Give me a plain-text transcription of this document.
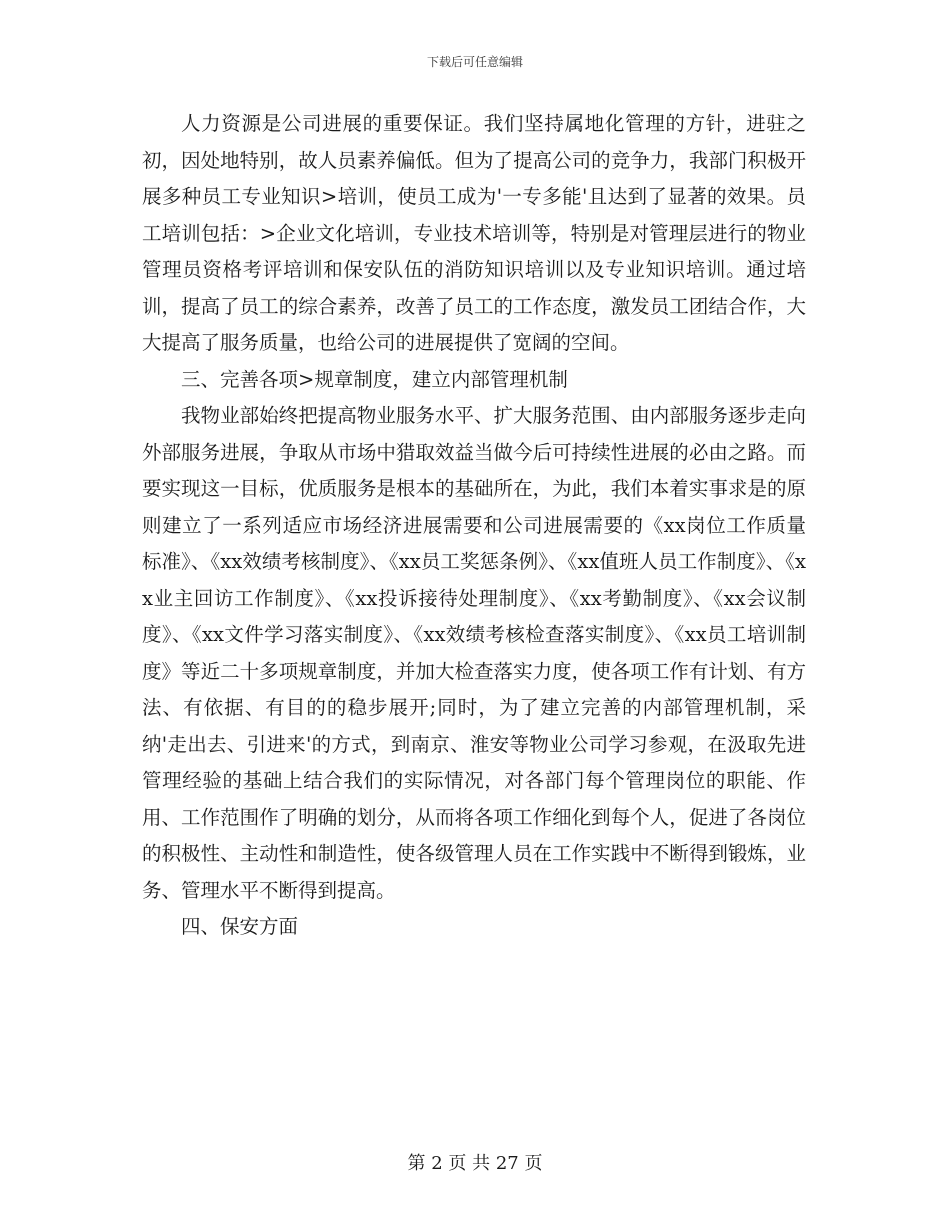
下载后可任意编辑

人力资源是公司进展的重要保证。我们坚持属地化管理的方针，进驻之初，因处地特别，故人员素养偏低。但为了提高公司的竞争力，我部门积极开展多种员工专业知识>培训，使员工成为'一专多能'且达到了显著的效果。员工培训包括：>企业文化培训，专业技术培训等，特别是对管理层进行的物业管理员资格考评培训和保安队伍的消防知识培训以及专业知识培训。通过培训，提高了员工的综合素养，改善了员工的工作态度，激发员工团结合作，大大提高了服务质量，也给公司的进展提供了宽阔的空间。

三、完善各项>规章制度，建立内部管理机制

我物业部始终把提高物业服务水平、扩大服务范围、由内部服务逐步走向外部服务进展，争取从市场中猎取效益当做今后可持续性进展的必由之路。而要实现这一目标，优质服务是根本的基础所在，为此，我们本着实事求是的原则建立了一系列适应市场经济进展需要和公司进展需要的《xx岗位工作质量标准》、《xx效绩考核制度》、《xx员工奖惩条例》、《xx值班人员工作制度》、《xx业主回访工作制度》、《xx投诉接待处理制度》、《xx考勤制度》、《xx会议制度》、《xx文件学习落实制度》、《xx效绩考核检查落实制度》、《xx员工培训制度》等近二十多项规章制度，并加大检查落实力度，使各项工作有计划、有方法、有依据、有目的的稳步展开;同时，为了建立完善的内部管理机制，采纳'走出去、引进来'的方式，到南京、淮安等物业公司学习参观，在汲取先进管理经验的基础上结合我们的实际情况，对各部门每个管理岗位的职能、作用、工作范围作了明确的划分，从而将各项工作细化到每个人，促进了各岗位的积极性、主动性和制造性，使各级管理人员在工作实践中不断得到锻炼，业务、管理水平不断得到提高。

四、保安方面

第 2 页 共 27 页
